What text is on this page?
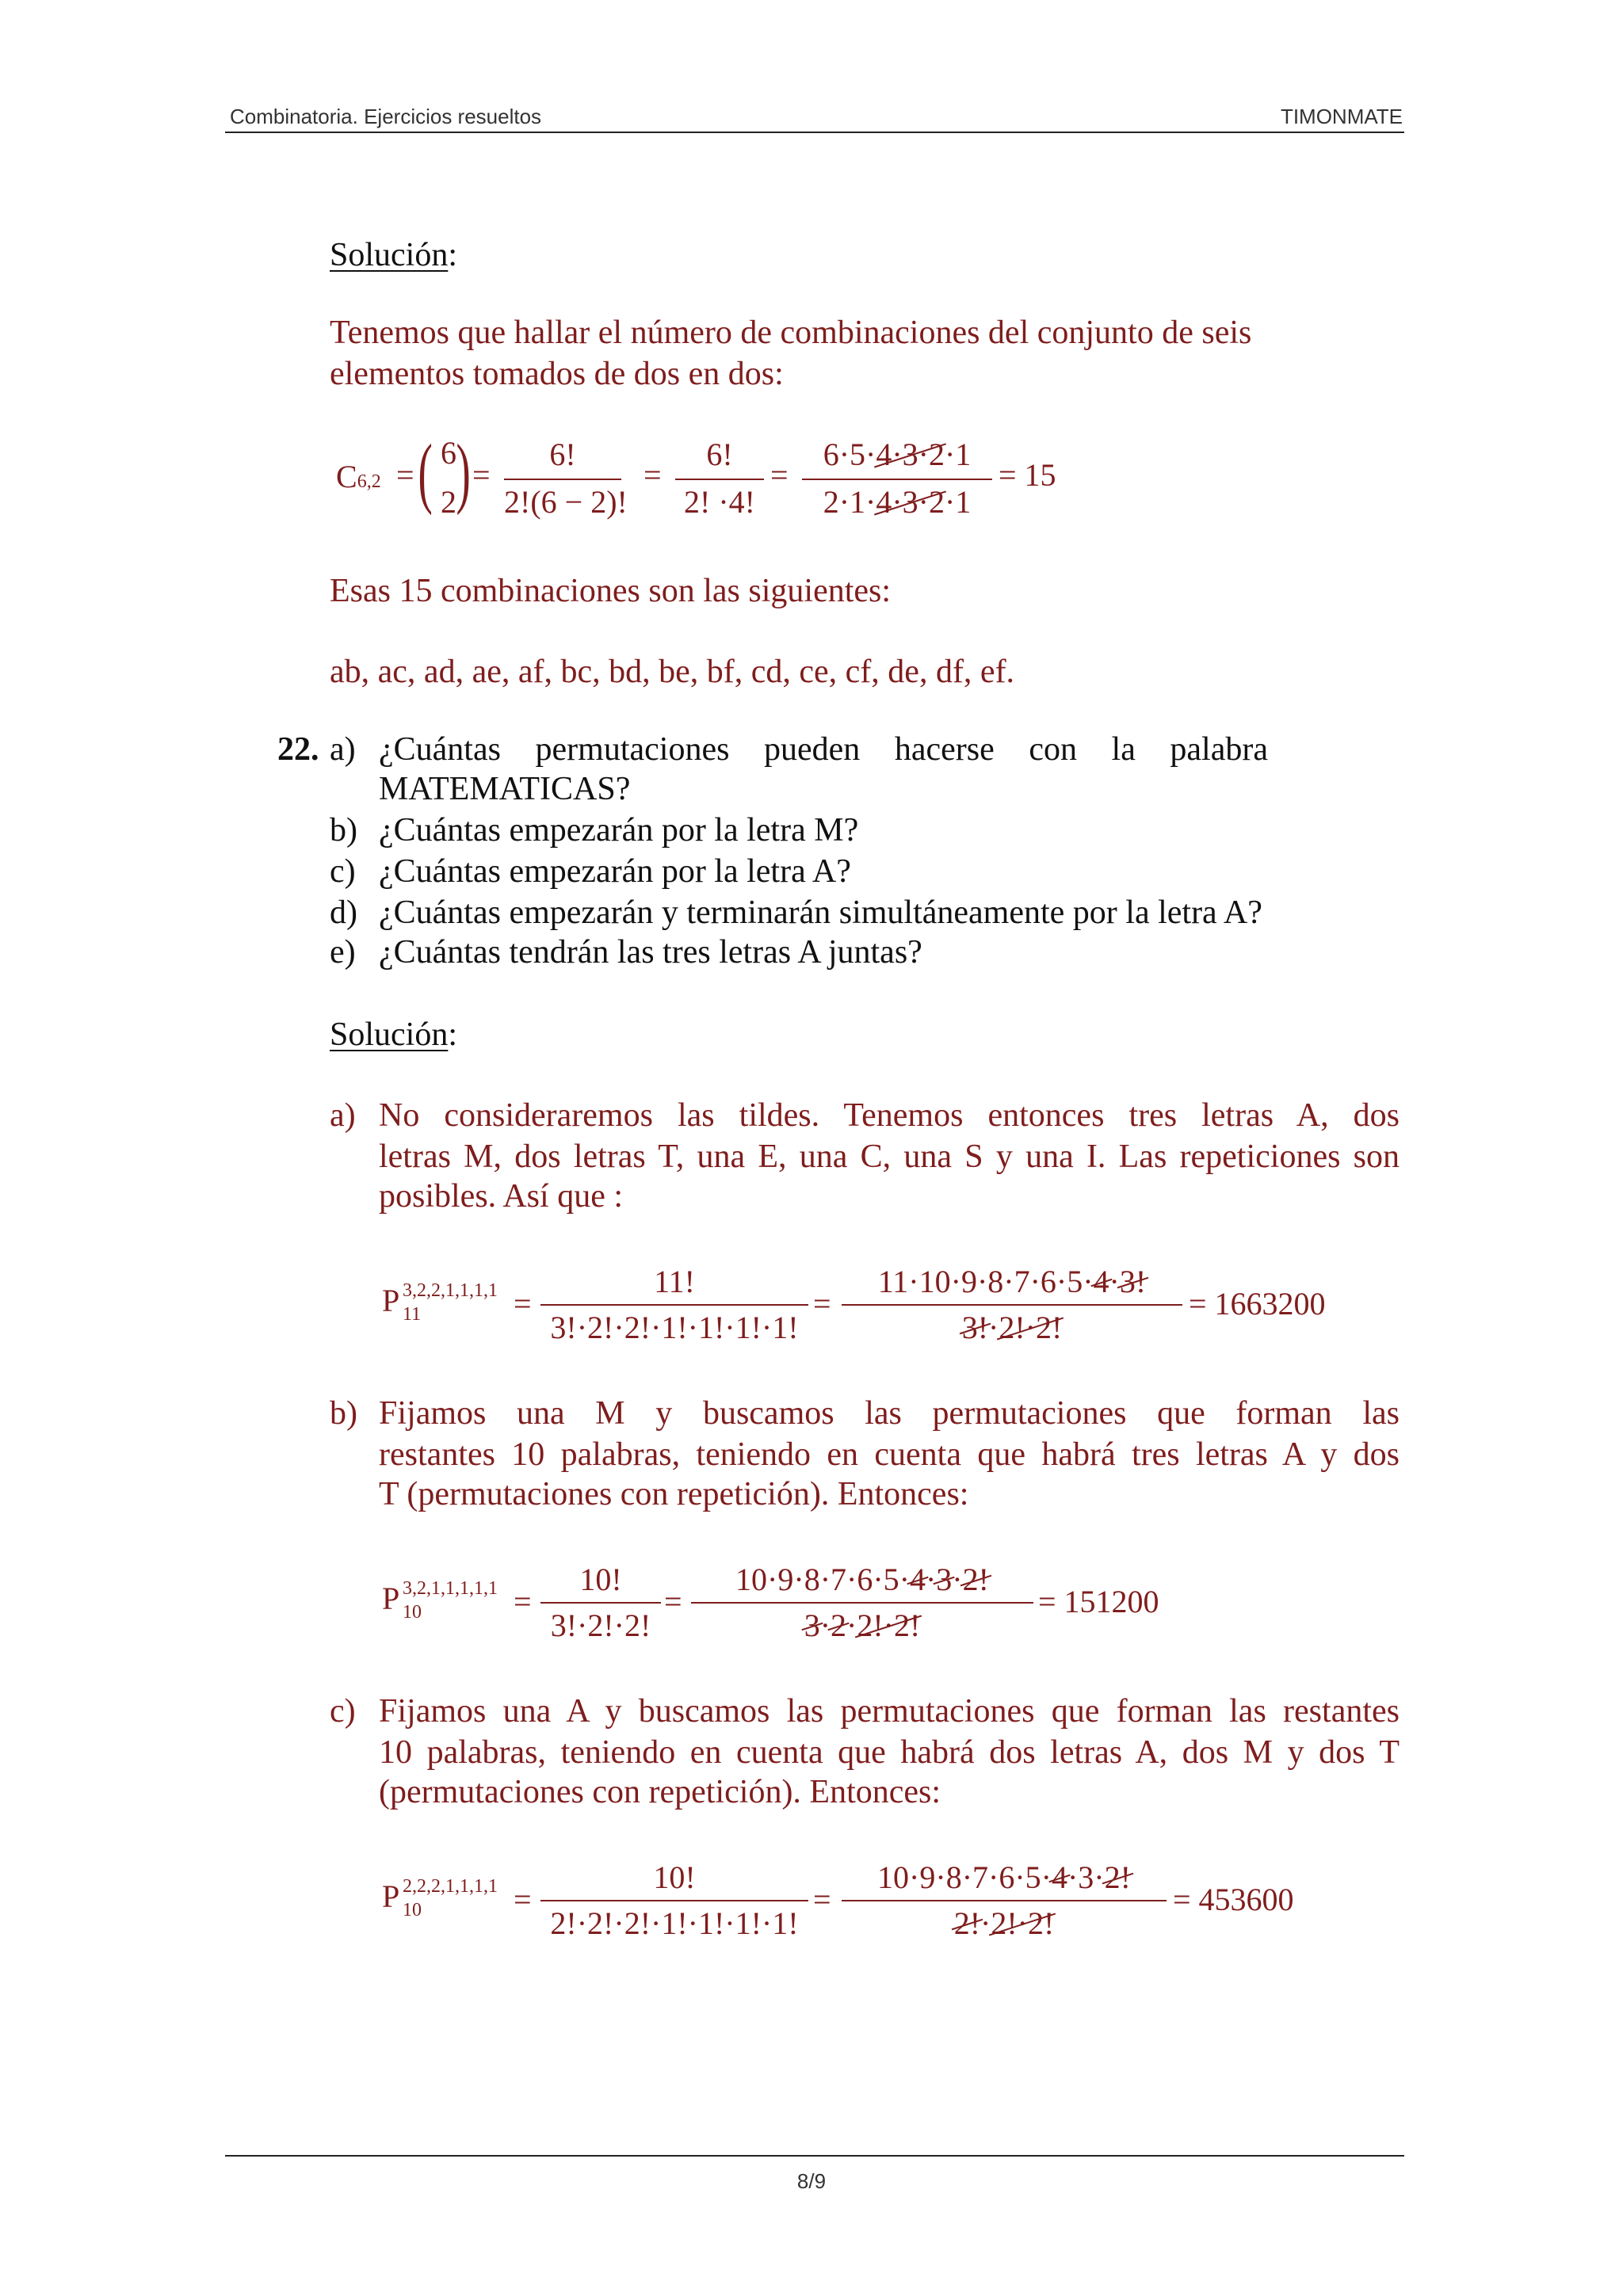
Combinatoria. Ejercicios resueltos	TIMONMATE
Solución:
Tenemos que hallar el número de combinaciones del conjunto de seis
elementos tomados de dos en dos:
C6,2 = ( 6
2 ) =
6!
2!(6 − 2)!
=
6!
2! ·4!
=
6·5·4·3·2·1
2·1·4·3·2·1
= 15
Esas 15 combinaciones son las siguientes:
ab, ac, ad, ae, af, bc, bd, be, bf, cd, ce, cf, de, df, ef.
22. a) ¿Cuántas permutaciones pueden hacerse con la palabra
MATEMATICAS?
b) ¿Cuántas empezarán por la letra M?
c) ¿Cuántas empezarán por la letra A?
d) ¿Cuántas empezarán y terminarán simultáneamente por la letra A?
e) ¿Cuántas tendrán las tres letras A juntas?
Solución:
a) No consideraremos las tildes. Tenemos entonces tres letras A, dos
letras M, dos letras T, una E, una C, una S y una I. Las repeticiones son
posibles. Así que :
P 3,2,2,1,1,1,1
11	=
11!
3!·2!·2!·1!·1!·1!·1!
=
11·10·9·8·7·6·5·4·3!
3!·2!·2!
= 1663200
b) Fijamos una M y buscamos las permutaciones que forman las
restantes 10 palabras, teniendo en cuenta que habrá tres letras A y dos
T (permutaciones con repetición). Entonces:
P 3,2,1,1,1,1,1
10	=
10!
3!·2!·2!
=
10·9·8·7·6·5·4·3·2!
3·2·2!·2!
= 151200
c) Fijamos una A y buscamos las permutaciones que forman las restantes
10 palabras, teniendo en cuenta que habrá dos letras A, dos M y dos T
(permutaciones con repetición). Entonces:
P 2,2,2,1,1,1,1
10	=
10!
2!·2!·2!·1!·1!·1!·1!
=
10·9·8·7·6·5·4·3·2!
2!·2!·2!
= 453600
8/9
